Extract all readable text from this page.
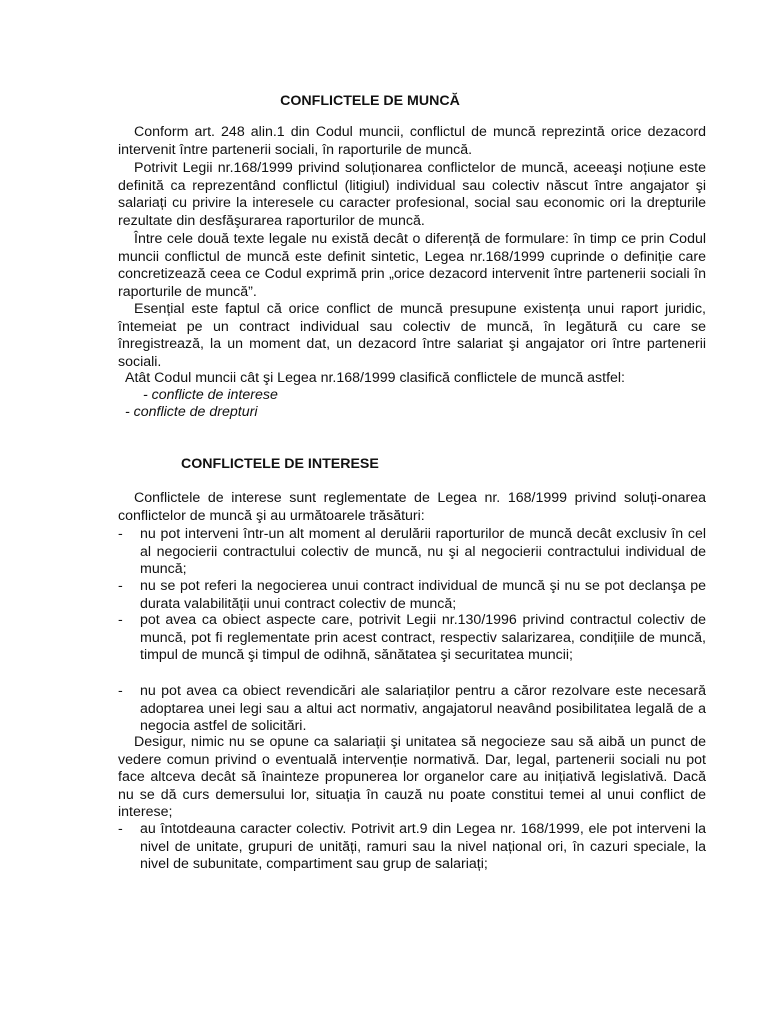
CONFLICTELE DE MUNCĂ

Conform art. 248 alin.1 din Codul muncii, conflictul de muncă reprezintă orice dezacord intervenit între partenerii sociali, în raporturile de muncă.

Potrivit Legii nr.168/1999 privind soluționarea conflictelor de muncă, aceeaşi noțiune este definită ca reprezentând conflictul (litigiul) individual sau colectiv născut între angajator şi salariați cu privire la interesele cu caracter profesional, social sau economic ori la drepturile rezultate din desfăşurarea raporturilor de muncă.

Între cele două texte legale nu există decât o diferență de formulare: în timp ce prin Codul muncii conflictul de muncă este definit sintetic, Legea nr.168/1999 cuprinde o definiție care concretizează ceea ce Codul exprimă prin „orice dezacord intervenit între partenerii sociali în raporturile de muncă”.

Esențial este faptul că orice conflict de muncă presupune existența unui raport juridic, întemeiat pe un contract individual sau colectiv de muncă, în legătură cu care se înregistrează, la un moment dat, un dezacord între salariat şi angajator ori între partenerii sociali.

Atât Codul muncii cât şi Legea nr.168/1999 clasifică conflictele de muncă astfel:

- conflicte de interese

- conflicte de drepturi

CONFLICTELE DE INTERESE

Conflictele de interese sunt reglementate de Legea nr. 168/1999 privind soluți-onarea conflictelor de muncă şi au următoarele trăsături:

-	nu pot interveni într-un alt moment al derulării raporturilor de muncă decât exclusiv în cel al negocierii contractului colectiv de muncă, nu şi al negocierii contractului individual de muncă;
-	nu se pot referi la negocierea unui contract individual de muncă şi nu se pot declanşa pe durata valabilității unui contract colectiv de muncă;
-	pot avea ca obiect aspecte care, potrivit Legii nr.130/1996 privind contractul colectiv de muncă, pot fi reglementate prin acest contract, respectiv salarizarea, condițiile de muncă, timpul de muncă şi timpul de odihnă, sănătatea şi securitatea muncii;
-	nu pot avea ca obiect revendicări ale salariaților pentru a căror rezolvare este necesară adoptarea unei legi sau a altui act normativ, angajatorul neavând posibilitatea legală de a negocia astfel de solicitări.

Desigur, nimic nu se opune ca salariații şi unitatea să negocieze sau să aibă un punct de vedere comun privind o eventuală intervenție normativă. Dar, legal, partenerii sociali nu pot face altceva decât să înainteze propunerea lor organelor care au inițiativă legislativă. Dacă nu se dă curs demersului lor, situația în cauză nu poate constitui temei al unui conflict de interese;

-	au întotdeauna caracter colectiv. Potrivit art.9 din Legea nr. 168/1999, ele pot interveni la nivel de unitate, grupuri de unități, ramuri sau la nivel național ori, în cazuri speciale, la nivel de subunitate, compartiment sau grup de salariați;
